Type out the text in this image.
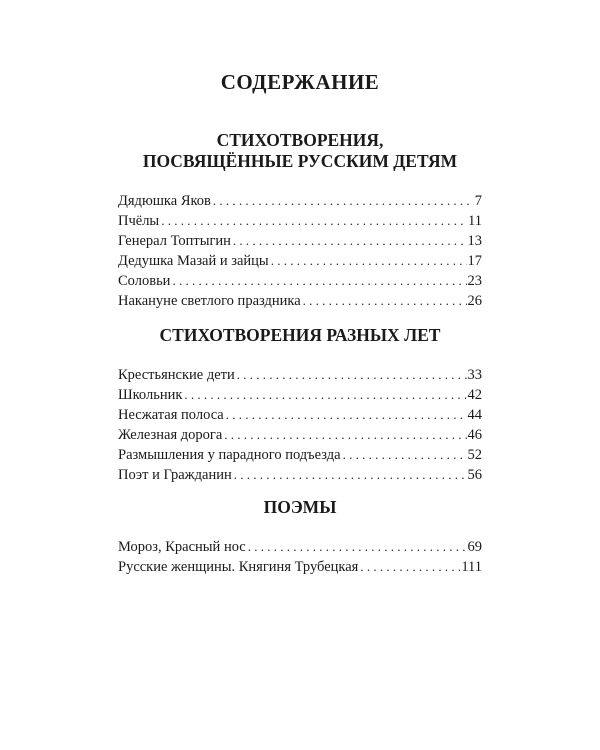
СОДЕРЖАНИЕ
СТИХОТВОРЕНИЯ,
ПОСВЯЩЁННЫЕ РУССКИМ ДЕТЯМ
Дядюшка Яков . . .	7
Пчёлы . . .	11
Генерал Топтыгин . . .	13
Дедушка Мазай и зайцы . . .	17
Соловьи . . .	23
Накануне светлого праздника . . .	26
СТИХОТВОРЕНИЯ РАЗНЫХ ЛЕТ
Крестьянские дети . . .	33
Школьник . . .	42
Несжатая полоса . . .	44
Железная дорога . . .	46
Размышления у парадного подъезда . . .	52
Поэт и Гражданин . . .	56
ПОЭМЫ
Мороз, Красный нос . . .	69
Русские женщины. Княгиня Трубецкая . . .	111
